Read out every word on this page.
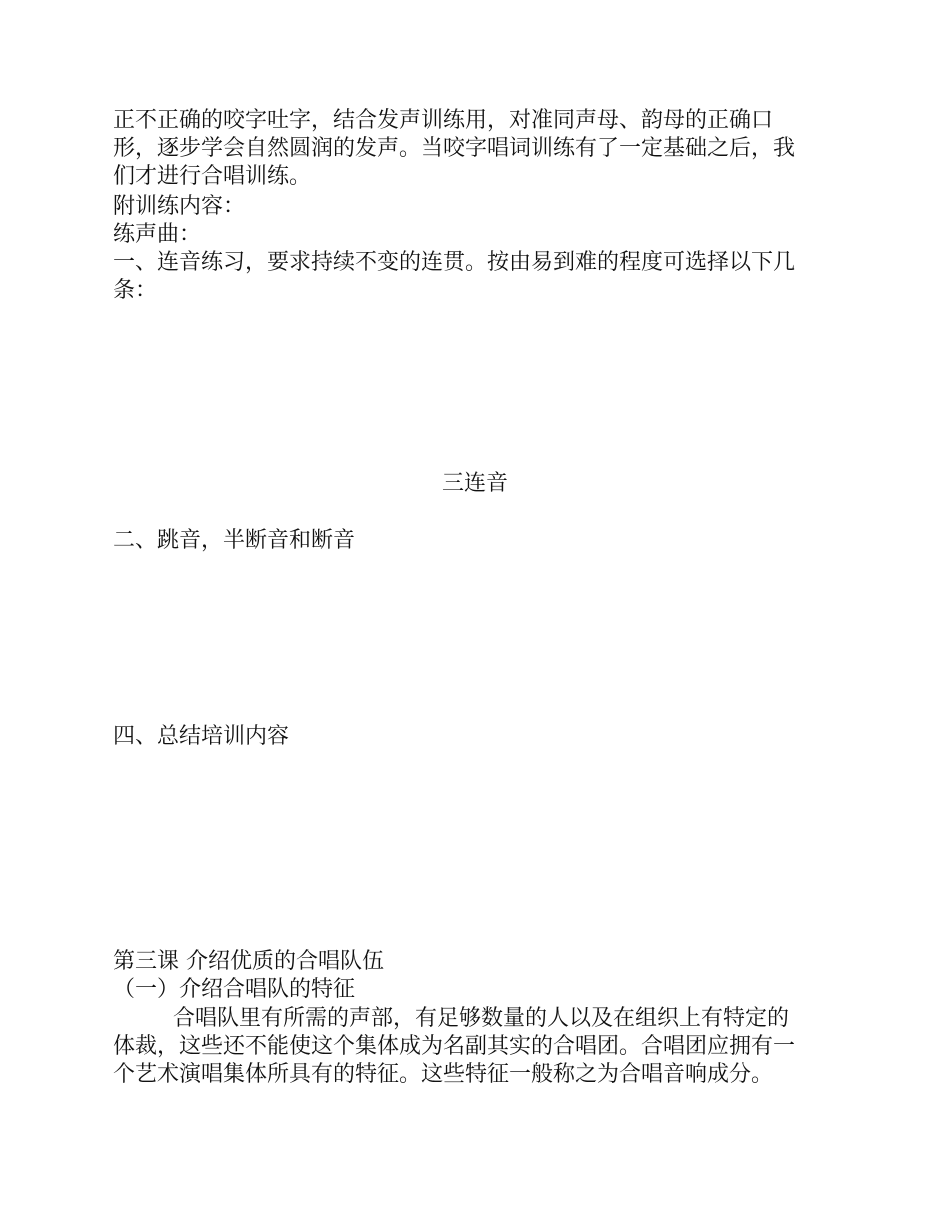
正不正确的咬字吐字，结合发声训练用，对准同声母、韵母的正确口
形，逐步学会自然圆润的发声。当咬字唱词训练有了一定基础之后，我
们才进行合唱训练。
附训练内容：
练声曲：
一、连音练习，要求持续不变的连贯。按由易到难的程度可选择以下几
条：
三连音
二、跳音，半断音和断音
四、总结培训内容
第三课 介绍优质的合唱队伍
（一）介绍合唱队的特征
合唱队里有所需的声部，有足够数量的人以及在组织上有特定的
体裁，这些还不能使这个集体成为名副其实的合唱团。合唱团应拥有一
个艺术演唱集体所具有的特征。这些特征一般称之为合唱音响成分。
